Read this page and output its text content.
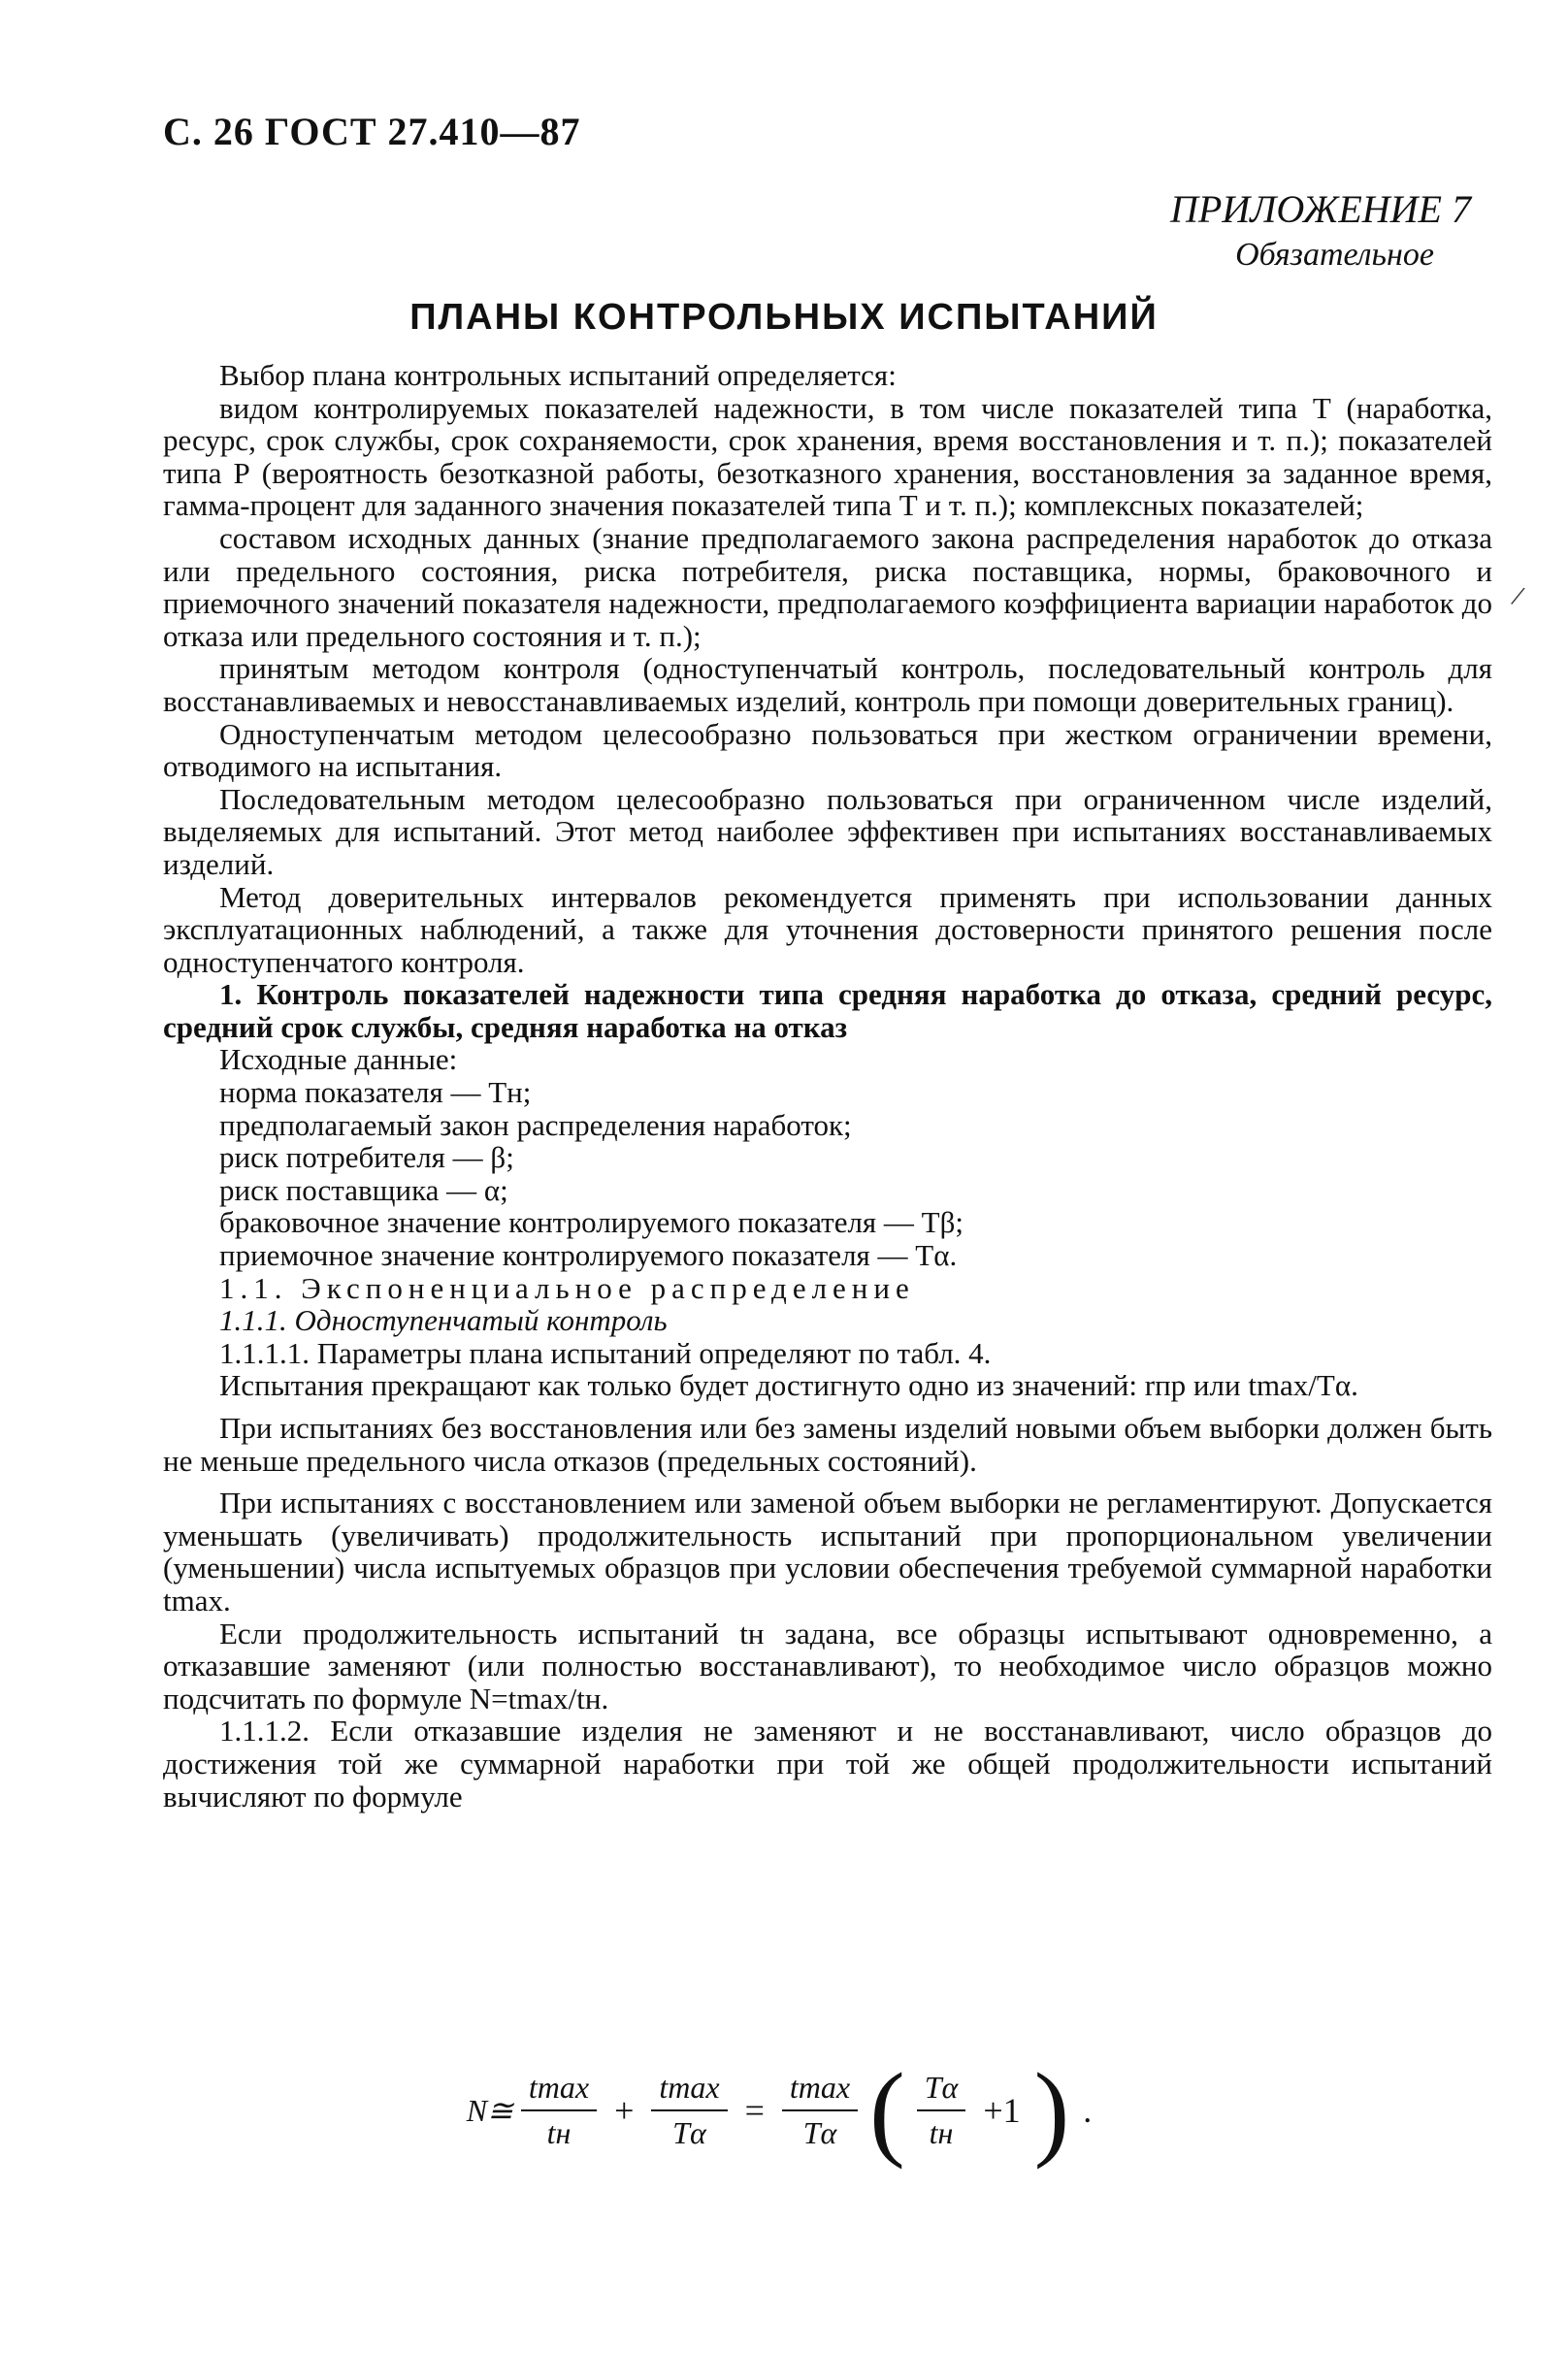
С. 26 ГОСТ 27.410—87
ПРИЛОЖЕНИЕ 7
Обязательное
ПЛАНЫ КОНТРОЛЬНЫХ ИСПЫТАНИЙ
/

Выбор плана контрольных испытаний определяется:

видом контролируемых показателей надежности, в том числе показателей типа Т (наработка, ресурс, срок службы, срок сохраняемости, срок хранения, время восстановления и т. п.); показателей типа Р (вероятность безотказной работы, безотказного хранения, восстановления за заданное время, гамма-процент для заданного значения показателей типа Т и т. п.); комплексных показателей;

составом исходных данных (знание предполагаемого закона распределения наработок до отказа или предельного состояния, риска потребителя, риска поставщика, нормы, браковочного и приемочного значений показателя надежности, предполагаемого коэффициента вариации наработок до отказа или предельного состояния и т. п.);

принятым методом контроля (одноступенчатый контроль, последовательный контроль для восстанавливаемых и невосстанавливаемых изделий, контроль при помощи доверительных границ).

Одноступенчатым методом целесообразно пользоваться при жестком ограничении времени, отводимого на испытания.

Последовательным методом целесообразно пользоваться при ограниченном числе изделий, выделяемых для испытаний. Этот метод наиболее эффективен при испытаниях восстанавливаемых изделий.

Метод доверительных интервалов рекомендуется применять при использовании данных эксплуатационных наблюдений, а также для уточнения достоверности принятого решения после одноступенчатого контроля.

1. Контроль показателей надежности типа средняя наработка до отказа, средний ресурс, средний срок службы, средняя наработка на отказ

Исходные данные:

норма показателя — Tн;

предполагаемый закон распределения наработок;

риск потребителя — β;

риск поставщика — α;

браковочное значение контролируемого показателя — Tβ;

приемочное значение контролируемого показателя — Tα.

1.1. Экспоненциальное распределение

1.1.1. Одноступенчатый контроль

1.1.1.1. Параметры плана испытаний определяют по табл. 4.

Испытания прекращают как только будет достигнуто одно из значений: rпр или tmax/Tα.

При испытаниях без восстановления или без замены изделий новыми объем выборки должен быть не меньше предельного числа отказов (предельных состояний).

При испытаниях с восстановлением или заменой объем выборки не регламентируют. Допускается уменьшать (увеличивать) продолжительность испытаний при пропорциональном увеличении (уменьшении) числа испытуемых образцов при условии обеспечения требуемой суммарной наработки tmax.

Если продолжительность испытаний tн задана, все образцы испытывают одновременно, а отказавшие заменяют (или полностью восстанавливают), то необходимое число образцов можно подсчитать по формуле N=tmax/tн.

1.1.1.2. Если отказавшие изделия не заменяют и не восстанавливают, число образцов до достижения той же суммарной наработки при той же общей продолжительности испытаний вычисляют по формуле

N≅ $\frac{tmax}{tн} + \frac{tmax}{T\alpha} = \frac{tmax}{T\alpha}$ ( $\frac{T\alpha}{tн} +1$ ) .
